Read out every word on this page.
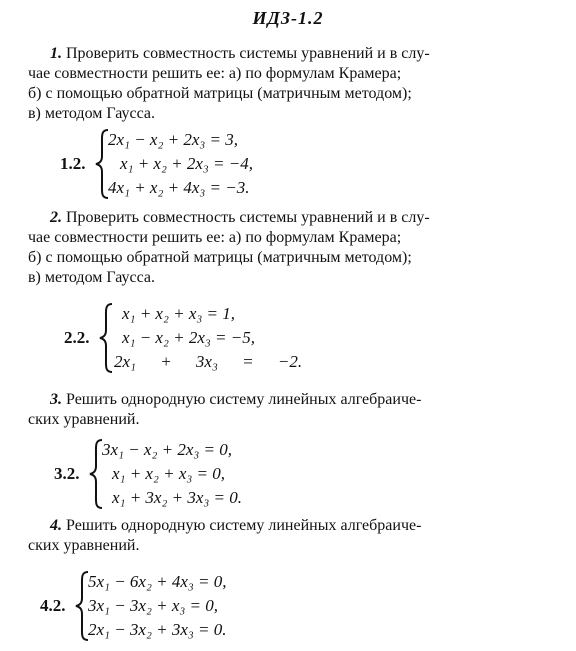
ИДЗ-1.2
1. Проверить совместность системы уравнений и в слу-
чае совместности решить ее: а) по формулам Крамера;
б) с помощью обратной матрицы (матричным методом);
в) методом Гаусса.
1.2.
2x₁ − x₂ + 2x₃ = 3,
x₁ + x₂ + 2x₃ = −4,
4x₁ + x₂ + 4x₃ = −3.
2. Проверить совместность системы уравнений и в слу-
чае совместности решить ее: а) по формулам Крамера;
б) с помощью обратной матрицы (матричным методом);
в) методом Гаусса.
2.2.
x₁ + x₂ + x₃ = 1,
x₁ − x₂ + 2x₃ = −5,
2x₁ + 3x₃ = −2.
3. Решить однородную систему линейных алгебраиче-
ских уравнений.
3.2.
3x₁ − x₂ + 2x₃ = 0,
x₁ + x₂ + x₃ = 0,
x₁ + 3x₂ + 3x₃ = 0.
4. Решить однородную систему линейных алгебраиче-
ских уравнений.
4.2.
5x₁ − 6x₂ + 4x₃ = 0,
3x₁ − 3x₂ + x₃ = 0,
2x₁ − 3x₂ + 3x₃ = 0.
